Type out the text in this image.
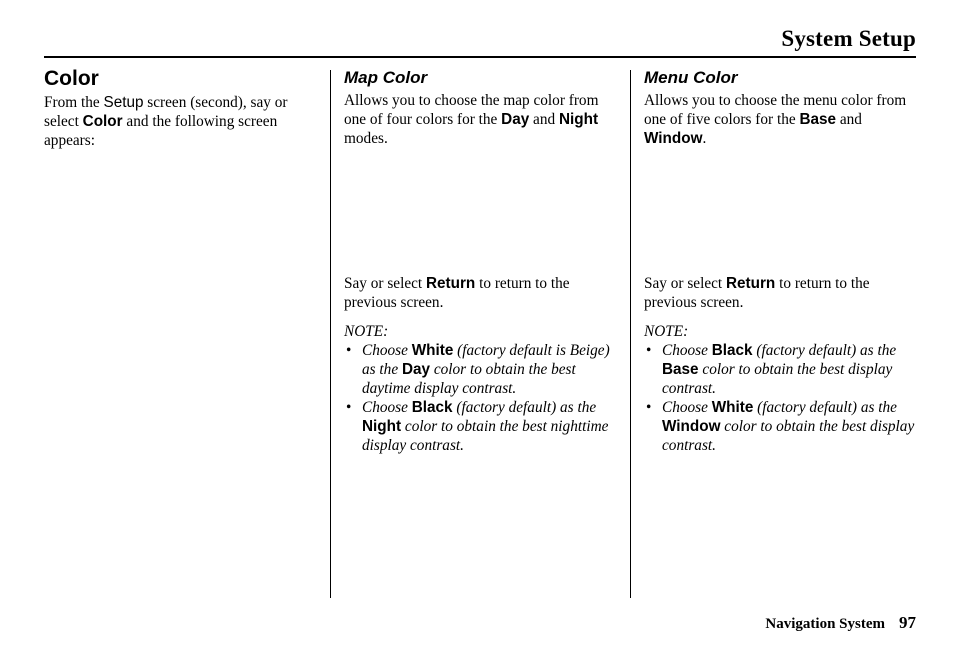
System Setup
Color

From the Setup screen (second), say or select Color and the following screen appears:

Map Color

Allows you to choose the map color from one of four colors for the Day and Night modes.

Say or select Return to return to the previous screen.

NOTE:

• Choose White (factory default is Beige) as the Day color to obtain the best daytime display contrast.
• Choose Black (factory default) as the Night color to obtain the best nighttime display contrast.
Menu Color

Allows you to choose the menu color from one of five colors for the Base and Window.

Say or select Return to return to the previous screen.

NOTE:

• Choose Black (factory default) as the Base color to obtain the best display contrast.
• Choose White (factory default) as the Window color to obtain the best display contrast.
Navigation System 97
